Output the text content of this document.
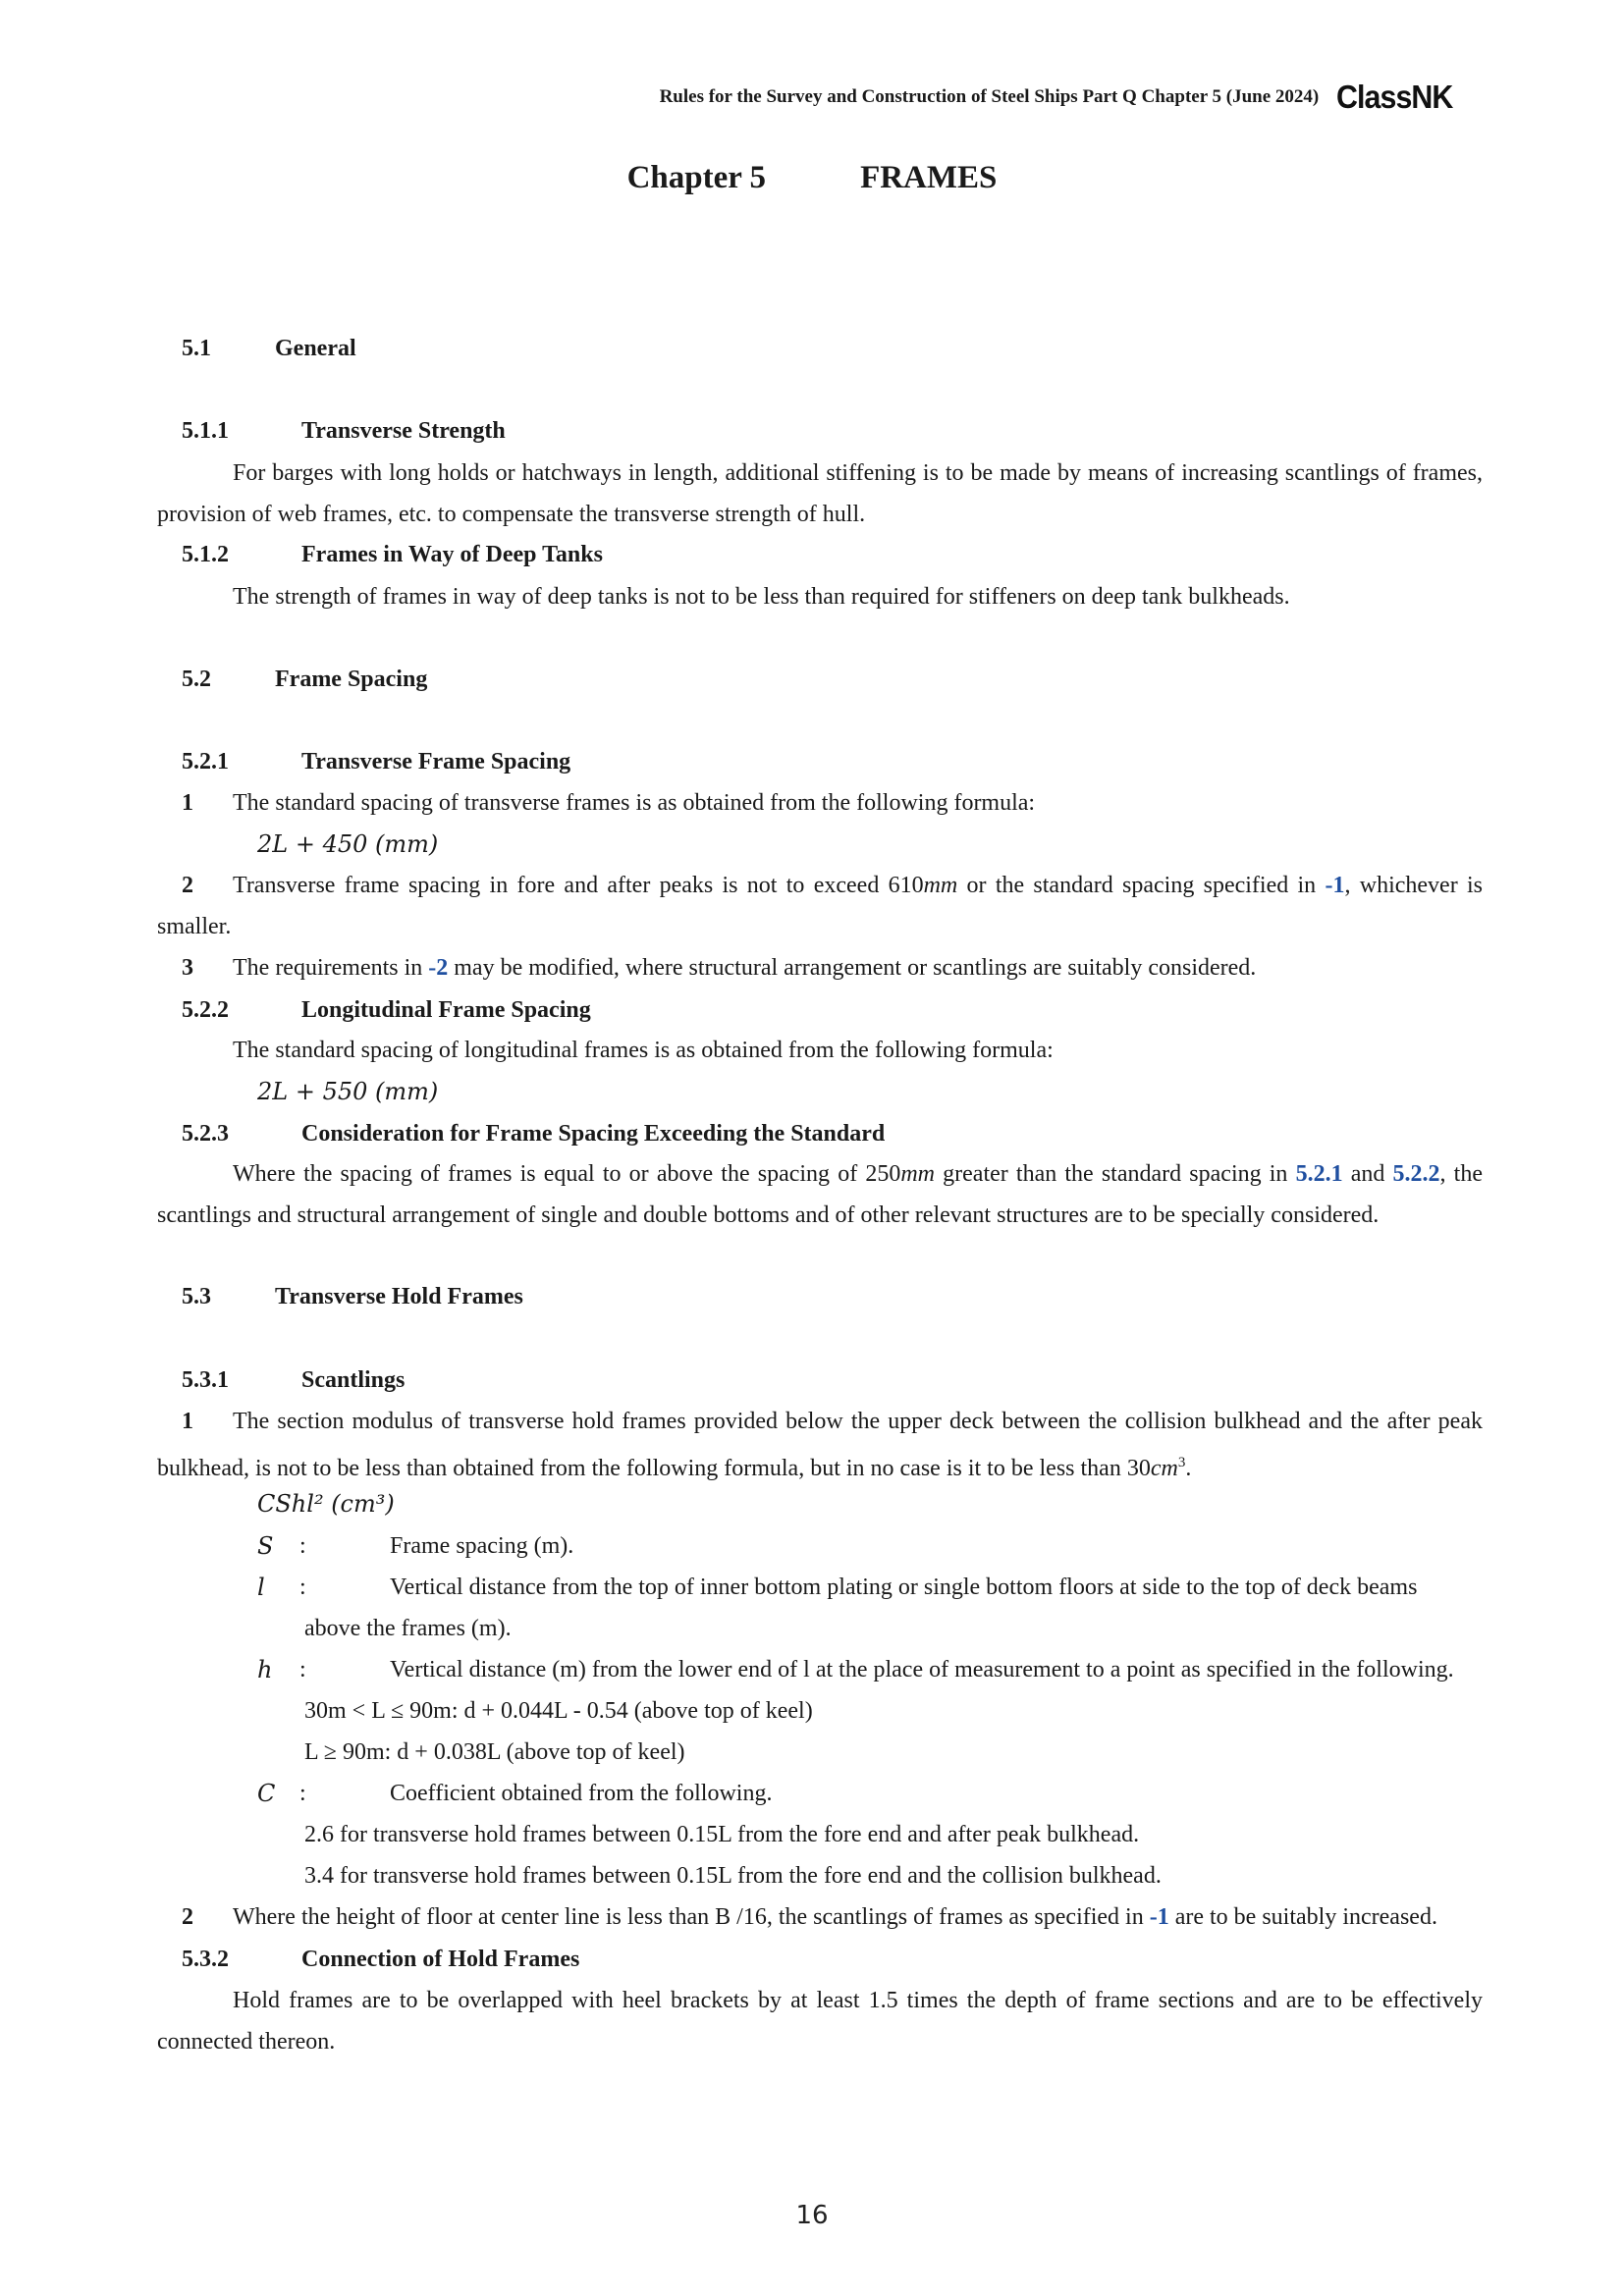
Rules for the Survey and Construction of Steel Ships Part Q Chapter 5 (June 2024) ClassNK
Chapter 5	FRAMES
5.1	General
5.1.1	Transverse Strength
For barges with long holds or hatchways in length, additional stiffening is to be made by means of increasing scantlings of frames, provision of web frames, etc. to compensate the transverse strength of hull.
5.1.2	Frames in Way of Deep Tanks
The strength of frames in way of deep tanks is not to be less than required for stiffeners on deep tank bulkheads.
5.2	Frame Spacing
5.2.1	Transverse Frame Spacing
1	The standard spacing of transverse frames is as obtained from the following formula:
2L + 450 (mm)
2	Transverse frame spacing in fore and after peaks is not to exceed 610mm or the standard spacing specified in -1, whichever is smaller.
3	The requirements in -2 may be modified, where structural arrangement or scantlings are suitably considered.
5.2.2	Longitudinal Frame Spacing
The standard spacing of longitudinal frames is as obtained from the following formula:
2L + 550 (mm)
5.2.3	Consideration for Frame Spacing Exceeding the Standard
Where the spacing of frames is equal to or above the spacing of 250mm greater than the standard spacing in 5.2.1 and 5.2.2, the scantlings and structural arrangement of single and double bottoms and of other relevant structures are to be specially considered.
5.3	Transverse Hold Frames
5.3.1	Scantlings
1	The section modulus of transverse hold frames provided below the upper deck between the collision bulkhead and the after peak bulkhead, is not to be less than obtained from the following formula, but in no case is it to be less than $30cm^3$.
CShl² (cm³)
S :	Frame spacing (m).
l :	Vertical distance from the top of inner bottom plating or single bottom floors at side to the top of deck beams
above the frames (m).
h :	Vertical distance (m) from the lower end of l at the place of measurement to a point as specified in the following.
30m < L ≤ 90m: d + 0.044L - 0.54 (above top of keel)
L ≥ 90m: d + 0.038L (above top of keel)
C :	Coefficient obtained from the following.
2.6 for transverse hold frames between 0.15L from the fore end and after peak bulkhead.
3.4 for transverse hold frames between 0.15L from the fore end and the collision bulkhead.
2	Where the height of floor at center line is less than B /16, the scantlings of frames as specified in -1 are to be suitably increased.
5.3.2	Connection of Hold Frames
Hold frames are to be overlapped with heel brackets by at least 1.5 times the depth of frame sections and are to be effectively connected thereon.
16
